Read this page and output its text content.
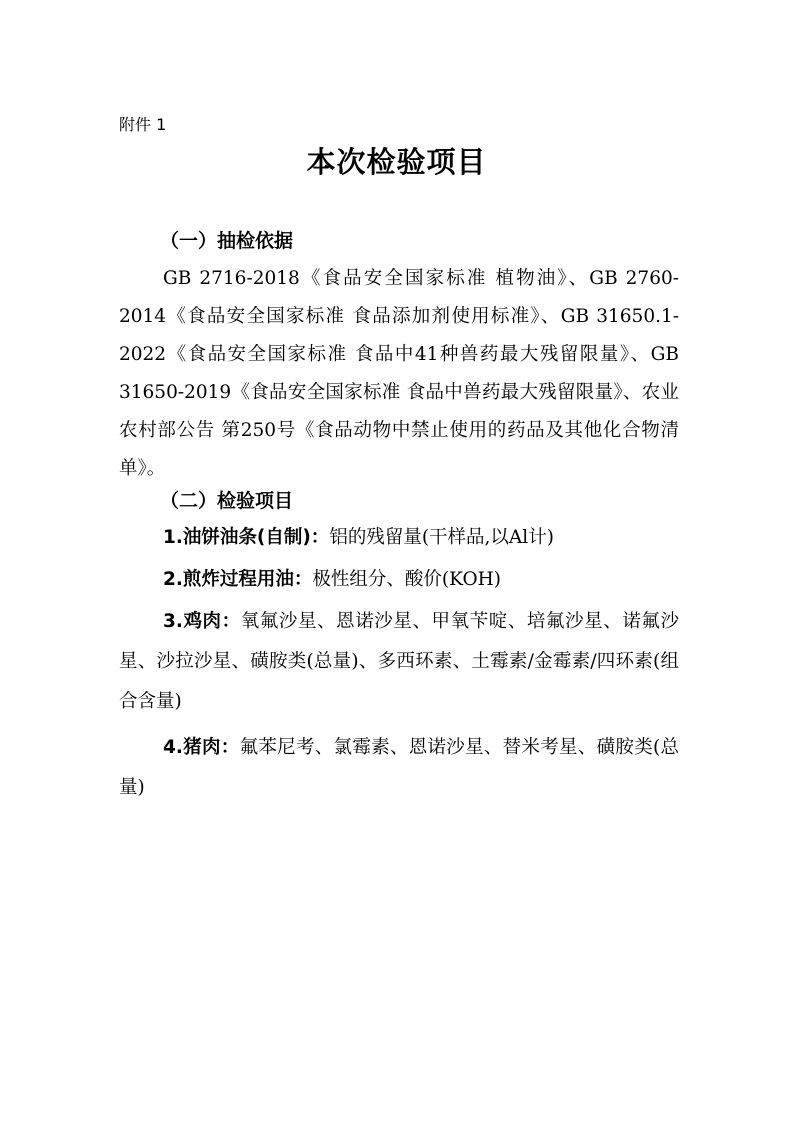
附件 1
本次检验项目
（一）抽检依据
GB 2716-2018《食品安全国家标准 植物油》、GB 2760-2014《食品安全国家标准 食品添加剂使用标准》、GB 31650.1-2022《食品安全国家标准 食品中41种兽药最大残留限量》、GB 31650-2019《食品安全国家标准 食品中兽药最大残留限量》、农业农村部公告 第250号《食品动物中禁止使用的药品及其他化合物清单》。
（二）检验项目
1.油饼油条(自制)：铝的残留量(干样品,以Al计)
2.煎炸过程用油：极性组分、酸价(KOH)
3.鸡肉：氧氟沙星、恩诺沙星、甲氧苄啶、培氟沙星、诺氟沙星、沙拉沙星、磺胺类(总量)、多西环素、土霉素/金霉素/四环素(组合含量)
4.猪肉：氟苯尼考、氯霉素、恩诺沙星、替米考星、磺胺类(总量)
